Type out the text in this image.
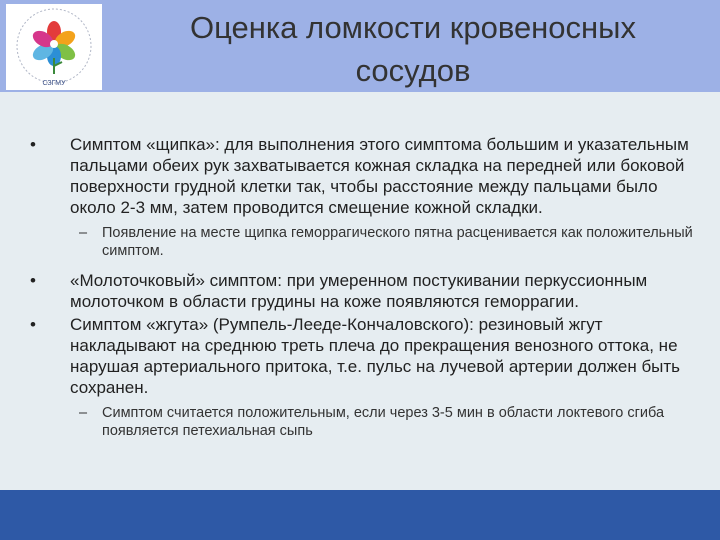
СЗГМУ
Оценка ломкости кровеносных сосудов
• Симптом «щипка»: для выполнения этого симптома большим и указательным пальцами обеих рук захватывается кожная складка на передней или боковой поверхности грудной клетки так, чтобы расстояние между пальцами было около 2-3 мм, затем проводится смещение кожной складки.
– Появление на месте щипка геморрагического пятна расценивается как положительный симптом.
• «Молоточковый» симптом: при умеренном постукивании перкуссионным молоточком в области грудины на коже появляются геморрагии.
• Симптом «жгута» (Румпель-Лееде-Кончаловского): резиновый жгут накладывают на среднюю треть плеча до прекращения венозного оттока, не нарушая артериального притока, т.е. пульс на лучевой артерии должен быть сохранен.
– Симптом считается положительным, если через 3-5 мин в области локтевого сгиба появляется петехиальная сыпь
